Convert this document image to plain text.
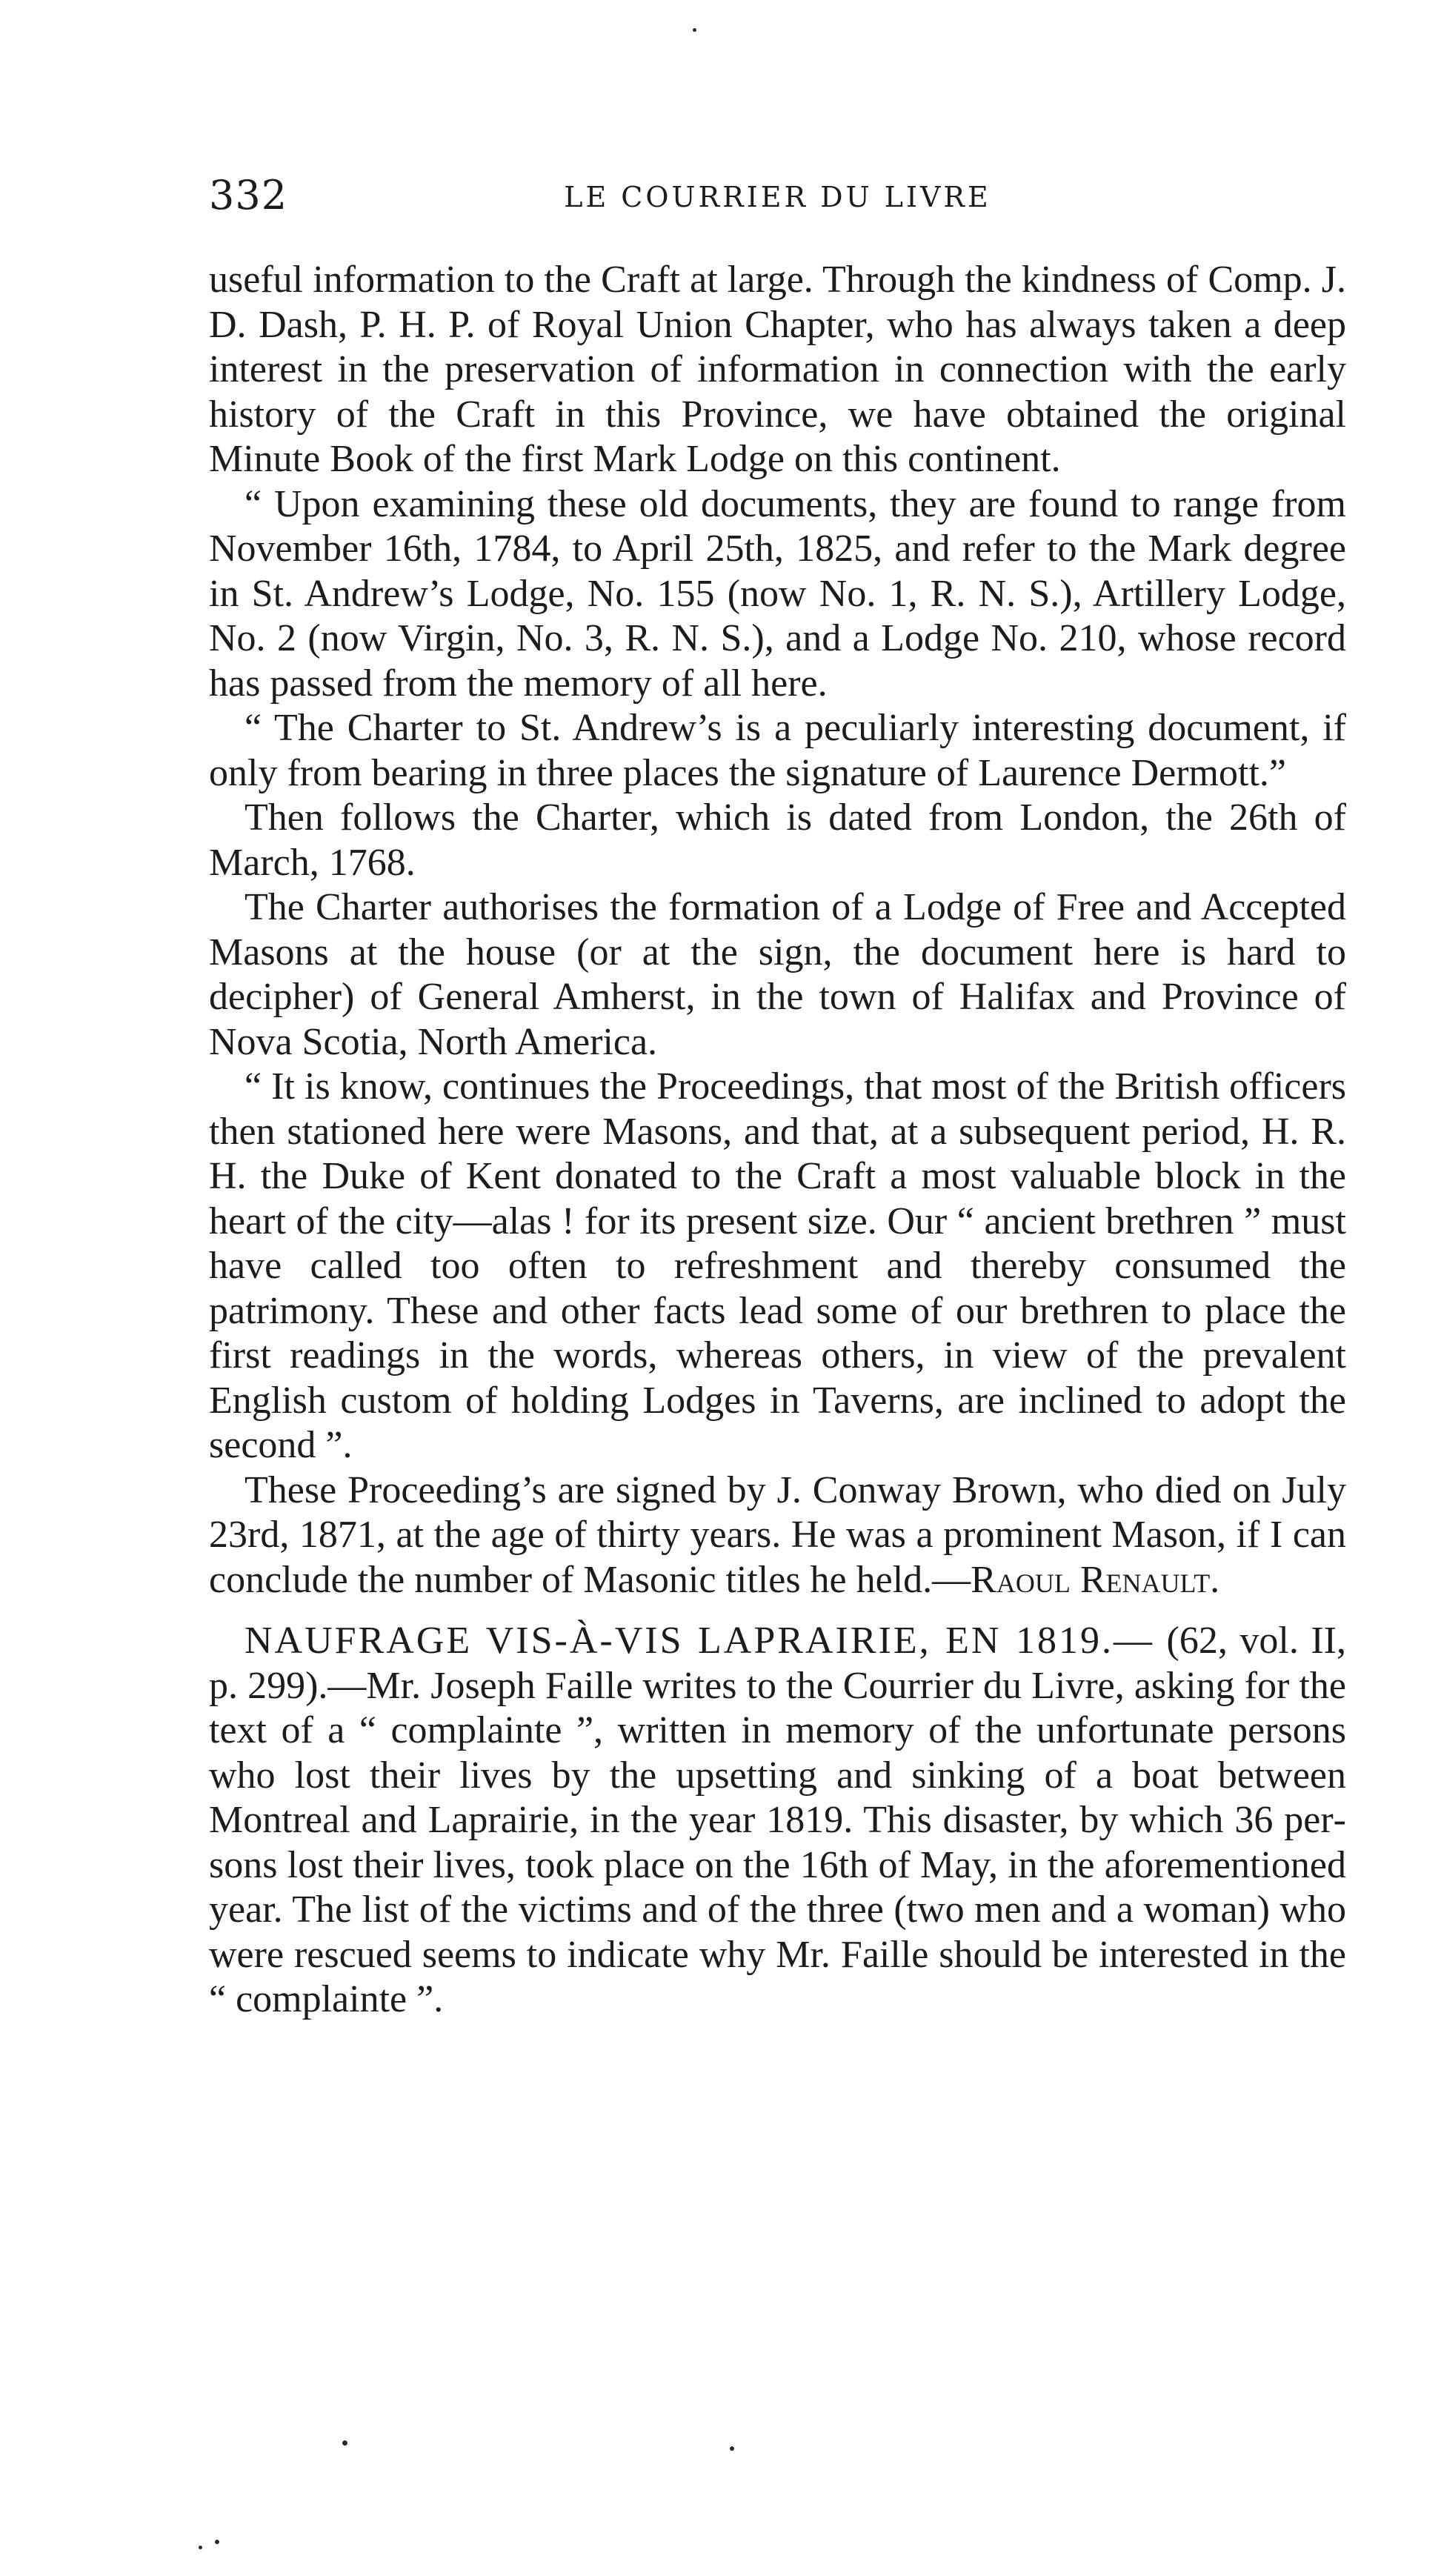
332	LE COURRIER DU LIVRE

useful information to the Craft at large. Through the kindness of Comp. J. D. Dash, P. H. P. of Royal Union Chapter, who has always taken a deep interest in the preservation of information in connection with the early history of the Craft in this Province, we have obtained the original Minute Book of the first Mark Lodge on this continent.

“ Upon examining these old documents, they are found to range from November 16th, 1784, to April 25th, 1825, and refer to the Mark degree in St. Andrew’s Lodge, No. 155 (now No. 1, R. N. S.), Artillery Lodge, No. 2 (now Virgin, No. 3, R. N. S.), and a Lodge No. 210, whose record has passed from the memory of all here.

“ The Charter to St. Andrew’s is a peculiarly interesting document, if only from bearing in three places the signature of Laurence Dermott.”

Then follows the Charter, which is dated from London, the 26th of March, 1768.

The Charter authorises the formation of a Lodge of Free and Accepted Masons at the house (or at the sign, the document here is hard to decipher) of General Amherst, in the town of Halifax and Province of Nova Scotia, North America.

“ It is know, continues the Proceedings, that most of the British officers then stationed here were Masons, and that, at a subsequent period, H. R. H. the Duke of Kent donated to the Craft a most valuable block in the heart of the city—alas ! for its present size. Our “ ancient brethren ” must have called too often to refreshment and thereby consumed the patrimony. These and other facts lead some of our brethren to place the first readings in the words, whereas others, in view of the prevalent English custom of holding Lodges in Taverns, are inclined to adopt the second ”.

These Proceeding’s are signed by J. Conway Brown, who died on July 23rd, 1871, at the age of thirty years. He was a prominent Mason, if I can conclude the number of Masonic titles he held.—Raoul Renault.

NAUFRAGE VIS-À-VIS LAPRAIRIE, EN 1819.— (62, vol. II, p. 299).—Mr. Joseph Faille writes to the Courrier du Livre, asking for the text of a “ complainte ”, written in memory of the unfortunate persons who lost their lives by the upsetting and sinking of a boat between Montreal and Laprairie, in the year 1819. This disaster, by which 36 persons lost their lives, took place on the 16th of May, in the aforementioned year. The list of the victims and of the three (two men and a woman) who were rescued seems to indicate why Mr. Faille should be interested in the “ complainte ”.
